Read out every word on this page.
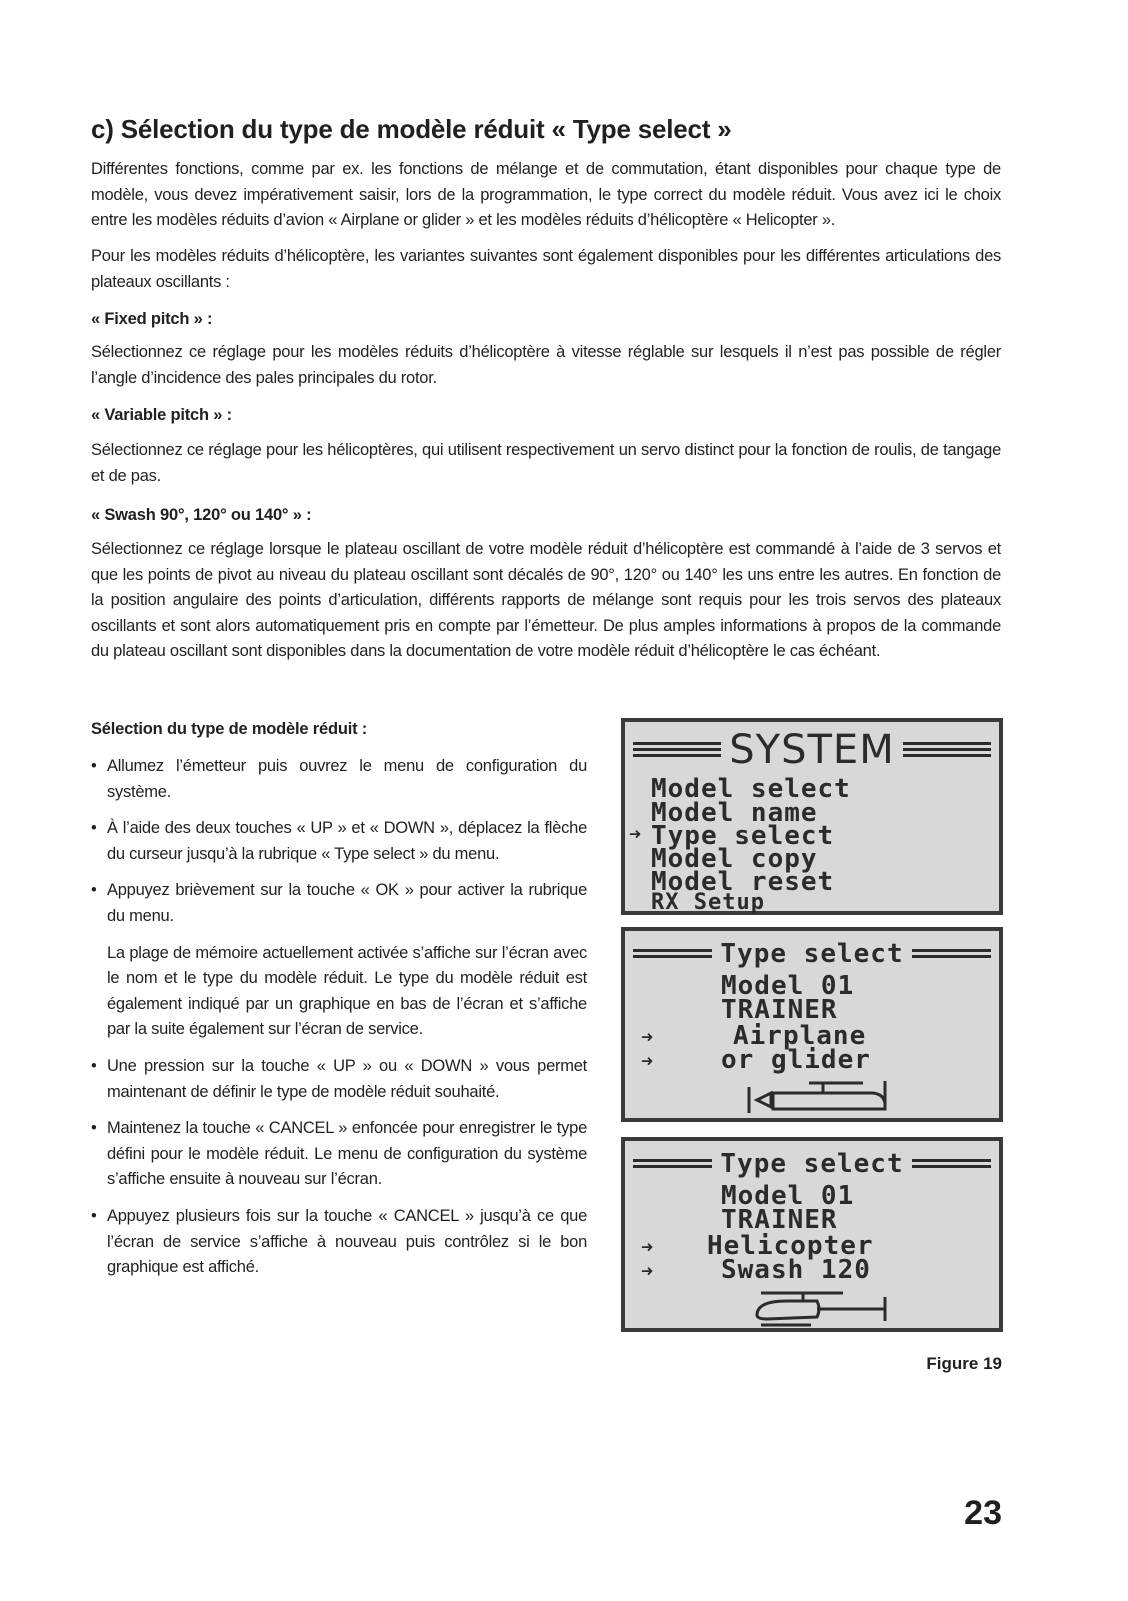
c) Sélection du type de modèle réduit « Type select »

Différentes fonctions, comme par ex. les fonctions de mélange et de commutation, étant disponibles pour chaque type de modèle, vous devez impérativement saisir, lors de la programmation, le type correct du modèle réduit. Vous avez ici le choix entre les modèles réduits d’avion « Airplane or glider » et les modèles réduits d’hélicoptère « Helicopter ».

Pour les modèles réduits d’hélicoptère, les variantes suivantes sont également disponibles pour les différentes articulations des plateaux oscillants :

« Fixed pitch » :

Sélectionnez ce réglage pour les modèles réduits d’hélicoptère à vitesse réglable sur lesquels il n’est pas possible de régler l’angle d’incidence des pales principales du rotor.

« Variable pitch » :

Sélectionnez ce réglage pour les hélicoptères, qui utilisent respectivement un servo distinct pour la fonction de roulis, de tangage et de pas.

« Swash 90°, 120° ou 140° » :

Sélectionnez ce réglage lorsque le plateau oscillant de votre modèle réduit d’hélicoptère est commandé à l’aide de 3 servos et que les points de pivot au niveau du plateau oscillant sont décalés de 90°, 120° ou 140° les uns entre les autres. En fonction de la position angulaire des points d’articulation, différents rapports de mélange sont requis pour les trois servos des plateaux oscillants et sont alors automatiquement pris en compte par l’émetteur. De plus amples informations à propos de la commande du plateau oscillant sont disponibles dans la documentation de votre modèle réduit d’hélicoptère le cas échéant.

Sélection du type de modèle réduit :

• Allumez l’émetteur puis ouvrez le menu de configuration du système.
• À l’aide des deux touches « UP » et « DOWN », déplacez la flèche du curseur jusqu’à la rubrique « Type select » du menu.
• Appuyez brièvement sur la touche « OK » pour activer la rubrique du menu.
La plage de mémoire actuellement activée s’affiche sur l’écran avec le nom et le type du modèle réduit. Le type du modèle réduit est également indiqué par un graphique en bas de l’écran et s’affiche par la suite également sur l’écran de service.
• Une pression sur la touche « UP » ou « DOWN » vous permet maintenant de définir le type de modèle réduit souhaité.
• Maintenez la touche « CANCEL » enfoncée pour enregistrer le type défini pour le modèle réduit. Le menu de configuration du système s’affiche ensuite à nouveau sur l’écran.
• Appuyez plusieurs fois sur la touche « CANCEL » jusqu’à ce que l’écran de service s’affiche à nouveau puis contrôlez si le bon graphique est affiché.
SYSTEM
Model select
Model name
➜ Type select
Model copy
Model reset
RX Setup
Type select
Model 01
TRAINER
➜	Airplane
➜	or glider
Type select
Model 01
TRAINER
➜ Helicopter
➜	Swash 120

Figure 19

23
